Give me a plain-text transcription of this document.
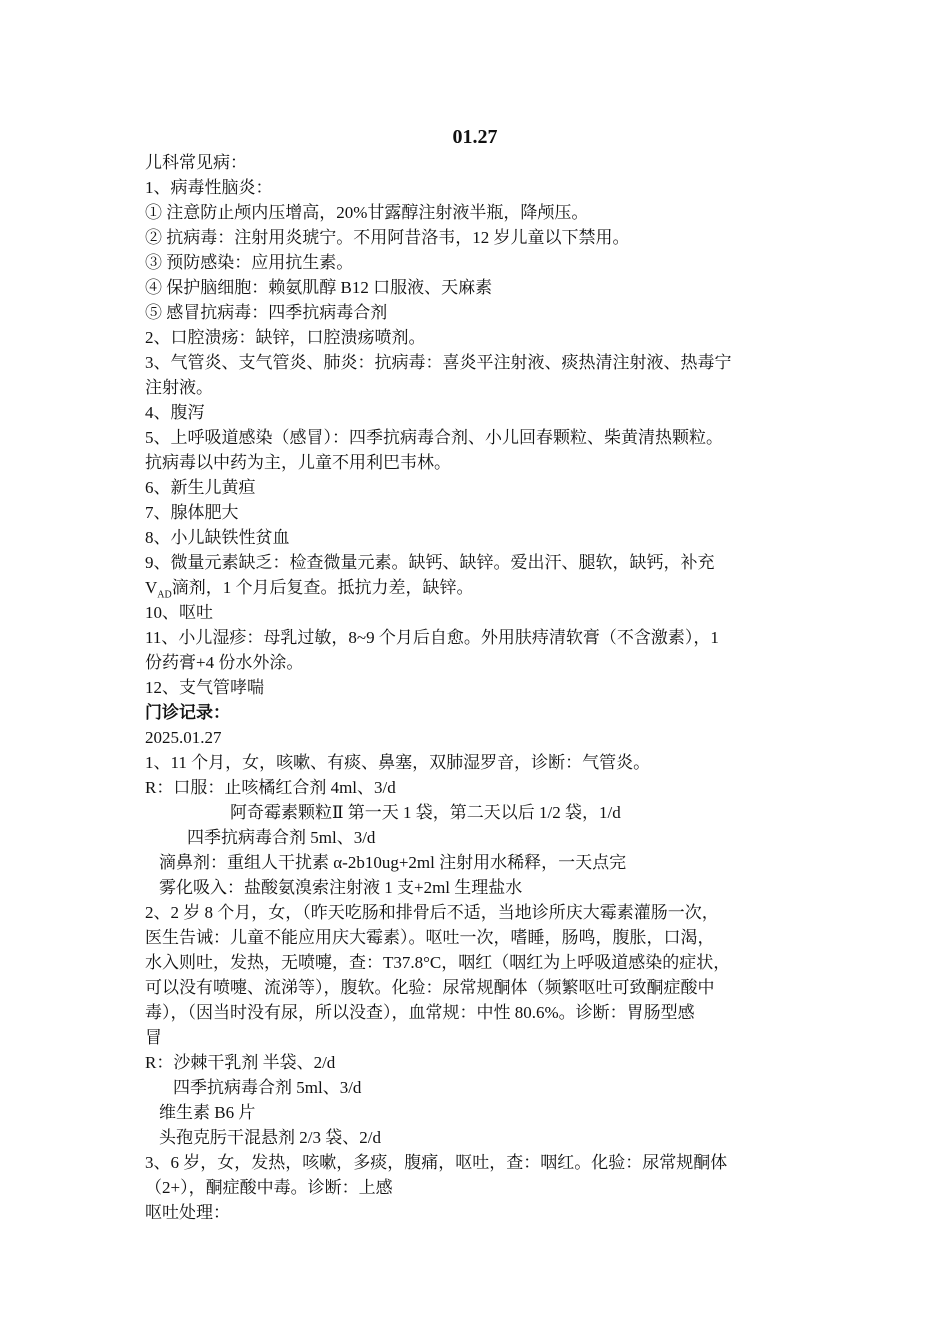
01.27
儿科常见病：
1、病毒性脑炎：
① 注意防止颅内压增高，20%甘露醇注射液半瓶，降颅压。
② 抗病毒：注射用炎琥宁。不用阿昔洛韦，12 岁儿童以下禁用。
③ 预防感染：应用抗生素。
④ 保护脑细胞：赖氨肌醇 B12 口服液、天麻素
⑤ 感冒抗病毒：四季抗病毒合剂
2、口腔溃疡：缺锌，口腔溃疡喷剂。
3、气管炎、支气管炎、肺炎：抗病毒：喜炎平注射液、痰热清注射液、热毒宁
注射液。
4、腹泻
5、上呼吸道感染（感冒）：四季抗病毒合剂、小儿回春颗粒、柴黄清热颗粒。
抗病毒以中药为主，儿童不用利巴韦林。
6、新生儿黄疸
7、腺体肥大
8、小儿缺铁性贫血
9、微量元素缺乏：检查微量元素。缺钙、缺锌。爱出汗、腿软，缺钙，补充
$V_{AD}$滴剂，1 个月后复查。抵抗力差，缺锌。
10、呕吐
11、小儿湿疹：母乳过敏，8~9 个月后自愈。外用肤痔清软膏（不含激素），1
份药膏+4 份水外涂。
12、支气管哮喘
门诊记录：
2025.01.27
1、11 个月，女，咳嗽、有痰、鼻塞，双肺湿罗音，诊断：气管炎。
R：口服：止咳橘红合剂 4ml、3/d
阿奇霉素颗粒Ⅱ 第一天 1 袋，第二天以后 1/2 袋，1/d
四季抗病毒合剂 5ml、3/d
滴鼻剂：重组人干扰素 α-2b10ug+2ml 注射用水稀释，一天点完
雾化吸入：盐酸氨溴索注射液 1 支+2ml 生理盐水
2、2 岁 8 个月，女，（昨天吃肠和排骨后不适，当地诊所庆大霉素灌肠一次，
医生告诫：儿童不能应用庆大霉素）。呕吐一次，嗜睡，肠鸣，腹胀，口渴，
水入则吐，发热，无喷嚏，查：T37.8°C，咽红（咽红为上呼吸道感染的症状，
可以没有喷嚏、流涕等），腹软。化验：尿常规酮体（频繁呕吐可致酮症酸中
毒），（因当时没有尿，所以没查），血常规：中性 80.6%。诊断：胃肠型感
冒
R：沙棘干乳剂 半袋、2/d
四季抗病毒合剂 5ml、3/d
维生素 B6 片
头孢克肟干混悬剂 2/3 袋、2/d
3、6 岁，女，发热，咳嗽，多痰，腹痛，呕吐，查：咽红。化验：尿常规酮体
（2+），酮症酸中毒。诊断：上感
呕吐处理：
